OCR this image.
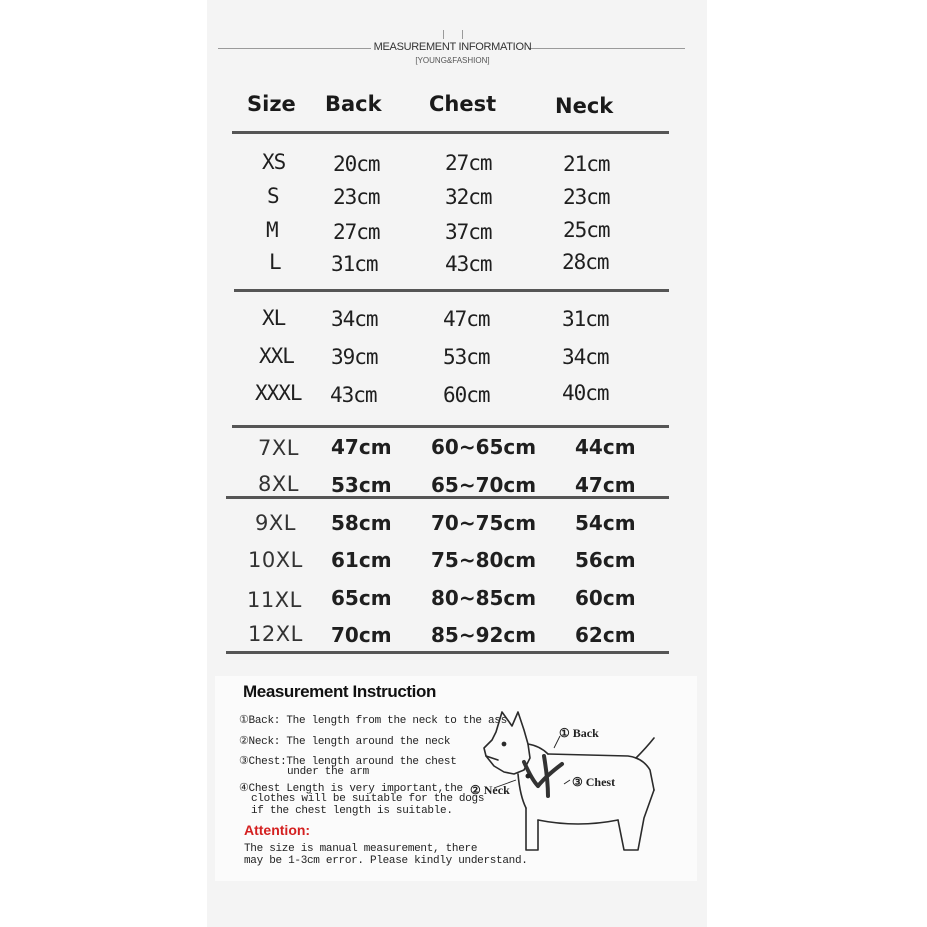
MEASUREMENT INFORMATION
[YOUNG&FASHION]
Size Back Chest	Neck
XS 20cm	27cm	21cm
S	23cm	32cm	23cm
M	27cm	37cm	25cm
L 31cm	43cm	28cm
XL 34cm	47cm	31cm
XXL 39cm	53cm	34cm
XXXL 43cm	60cm	40cm
7XL 47cm 60~65cm 44cm
8XL 53cm 65~70cm 47cm
9XL 58cm 70~75cm 54cm
10XL 61cm 75~80cm 56cm
11XL 65cm 80~85cm 60cm
12XL 70cm 85~92cm 62cm
Measurement Instruction
①Back: The length from the neck to the ass
②Neck: The length around the neck
③Chest:The length around the chest
under the arm
④Chest Length is very important,the
clothes will be suitable for the dogs
if the chest length is suitable.
Attention:
The size is manual measurement, there
may be 1-3cm error. Please kindly understand.
① Back
③ Chest
② Neck
